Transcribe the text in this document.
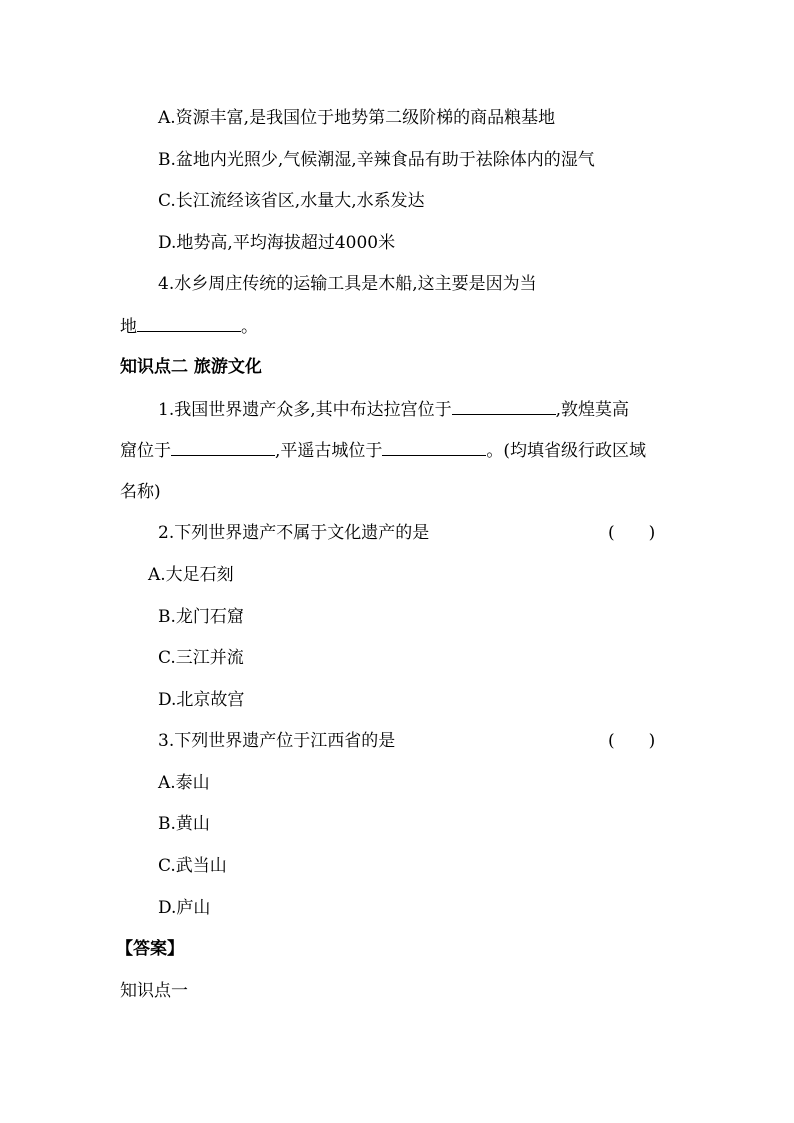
A.资源丰富,是我国位于地势第二级阶梯的商品粮基地
B.盆地内光照少,气候潮湿,辛辣食品有助于祛除体内的湿气
C.长江流经该省区,水量大,水系发达
D.地势高,平均海拔超过4000米
4.水乡周庄传统的运输工具是木船,这主要是因为当
地	。
知识点二 旅游文化
1.我国世界遗产众多,其中布达拉宫位于	,敦煌莫高
窟位于	,平遥古城位于	。(均填省级行政区域
名称)
2.下列世界遗产不属于文化遗产的是	(　　)
A.大足石刻
B.龙门石窟
C.三江并流
D.北京故宫
3.下列世界遗产位于江西省的是	(　　)
A.泰山
B.黄山
C.武当山
D.庐山
【答案】
知识点一
